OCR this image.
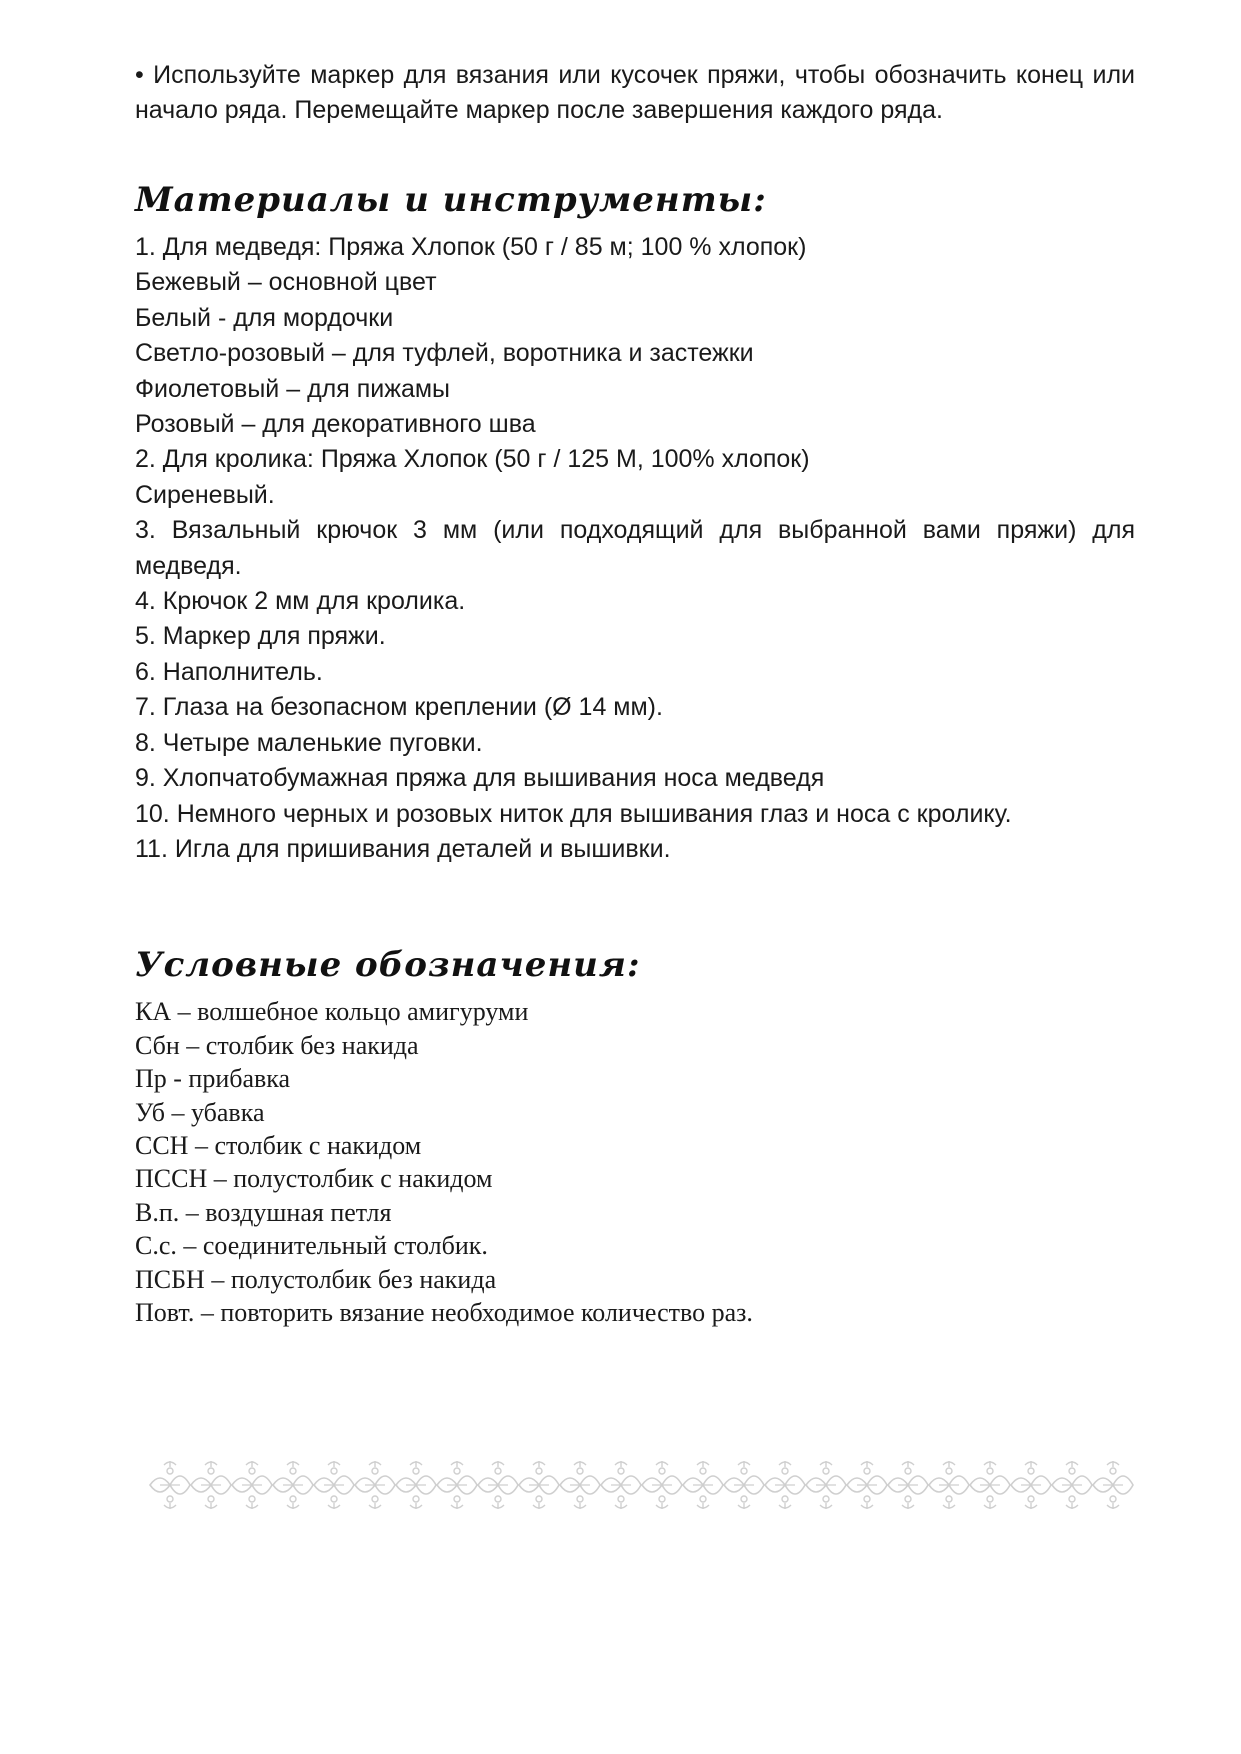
• Используйте маркер для вязания или кусочек пряжи, чтобы обозначить конец или начало ряда. Перемещайте маркер после завершения каждого ряда.

Материалы и инструменты:
1. Для медведя: Пряжа Хлопок (50 г / 85 м; 100 % хлопок)
Бежевый – основной цвет
Белый - для мордочки
Светло-розовый – для туфлей, воротника и застежки
Фиолетовый – для пижамы
Розовый – для декоративного шва
2. Для кролика: Пряжа Хлопок (50 г / 125 М, 100% хлопок)
Сиреневый.
3. Вязальный крючок 3 мм (или подходящий для выбранной вами пряжи) для медведя.
4. Крючок 2 мм для кролика.
5. Маркер для пряжи.
6. Наполнитель.
7. Глаза на безопасном креплении (Ø 14 мм).
8. Четыре маленькие пуговки.
9. Хлопчатобумажная пряжа для вышивания носа медведя
10. Немного черных и розовых ниток для вышивания глаз и носа с кролику.
11. Игла для пришивания деталей и вышивки.
Условные обозначения:
КА – волшебное кольцо амигуруми
Сбн – столбик без накида
Пр - прибавка
Уб – убавка
ССН – столбик с накидом
ПССН – полустолбик с накидом
В.п. – воздушная петля
С.с. – соединительный столбик.
ПСБН – полустолбик без накида
Повт. – повторить вязание необходимое количество раз.
